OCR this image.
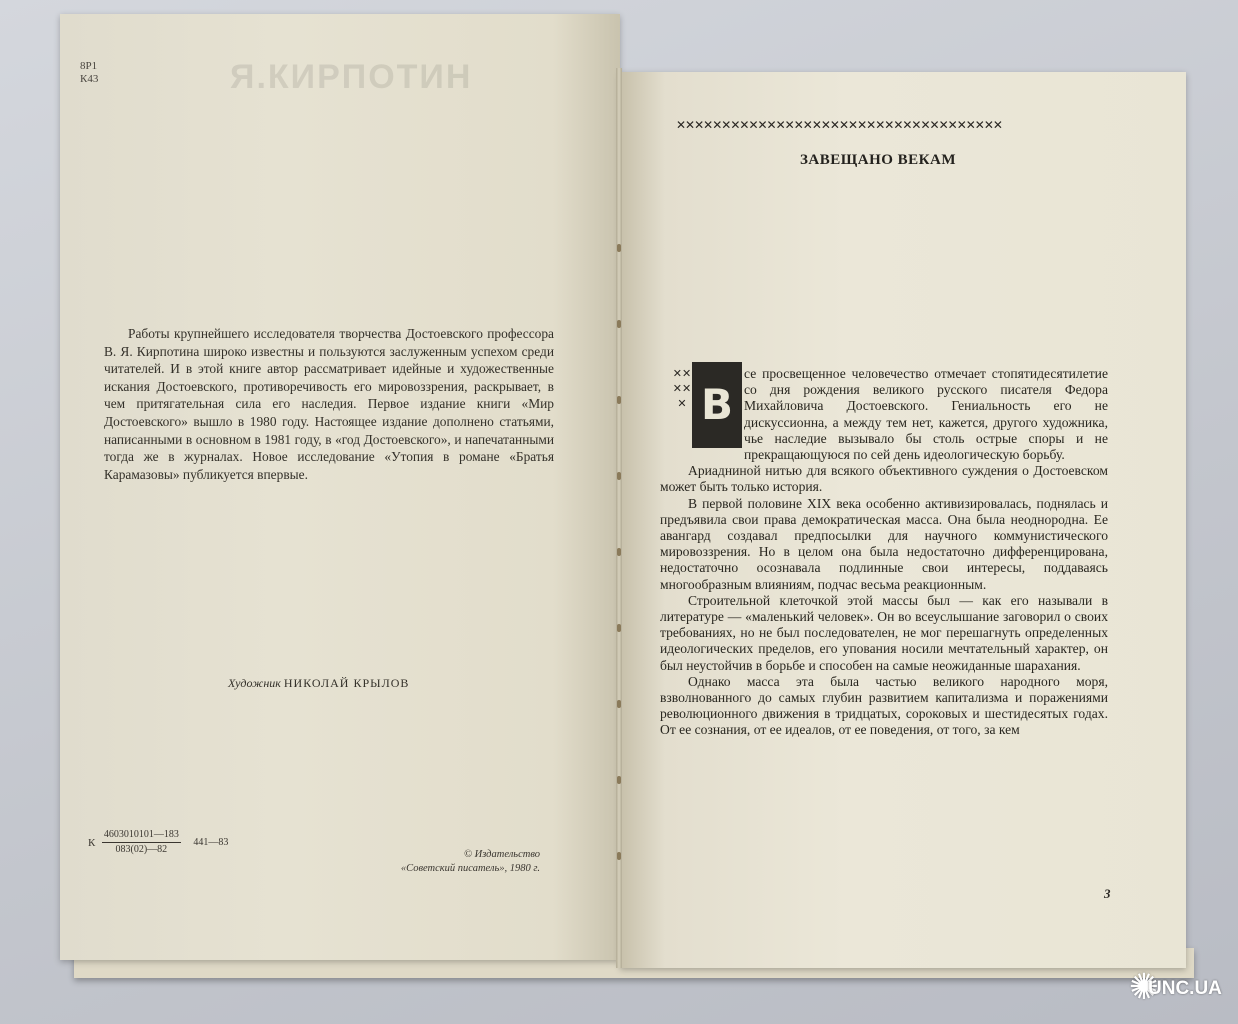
8Р1
К43	Я.КИРПОТИН
Работы крупнейшего исследователя творчества Достоевского профессора В. Я. Кирпотина широко известны и пользуются заслуженным успехом среди читателей. И в этой книге автор рассматривает идейные и художественные искания Достоевского, противоречивость его мировоззрения, раскрывает, в чем притягательная сила его наследия. Первое издание книги «Мир Достоевского» вышло в 1980 году. Настоящее издание дополнено статьями, написанными в основном в 1981 году, в «год Достоевского», и напечатанными тогда же в журналах. Новое исследование «Утопия в романе «Братья Карамазовы» публикуется впервые.
Художник НИКОЛАЙ КРЫЛОВ
К $\frac{4603010101—183}{083(02)—82}$ 441—83
© Издательство
«Советский писатель», 1980 г.
✕✕✕✕✕✕✕✕✕✕✕✕✕✕✕✕✕✕✕✕✕✕✕✕✕✕✕✕✕✕✕✕✕✕✕✕
ЗАВЕЩАНО ВЕКАМ

се просвещенное человечество отмечает стопятидесятилетие со дня рождения великого русского писателя Федора Михайловича Достоевского. Гениальность его не дискуссионна, а между тем нет, кажется, другого художника, чье наследие вызывало бы столь острые споры и не прекращающуюся по сей день идеологическую борьбу.

Ариадниной нитью для всякого объективного суждения о Достоевском может быть только история.

В первой половине XIX века особенно активизировалась, поднялась и предъявила свои права демократическая масса. Она была неоднородна. Ее авангард создавал предпосылки для научного коммунистического мировоззрения. Но в целом она была недостаточно дифференцирована, недостаточно осознавала подлинные свои интересы, поддаваясь многообразным влияниям, подчас весьма реакционным.

Строительной клеточкой этой массы был — как его называли в литературе — «маленький человек». Он во всеуслышание заговорил о своих требованиях, но не был последователен, не мог перешагнуть определенных идеологических пределов, его упования носили мечтательный характер, он был неустойчив в борьбе и способен на самые неожиданные шарахания.

Однако масса эта была частью великого народного моря, взволнованного до самых глубин развитием капитализма и поражениями революционного движения в тридцатых, сороковых и шестидесятых годах. От ее сознания, от ее идеалов, от ее поведения, от того, за кем

✕✕✕✕✕ В
3
✺
UNC.UA
